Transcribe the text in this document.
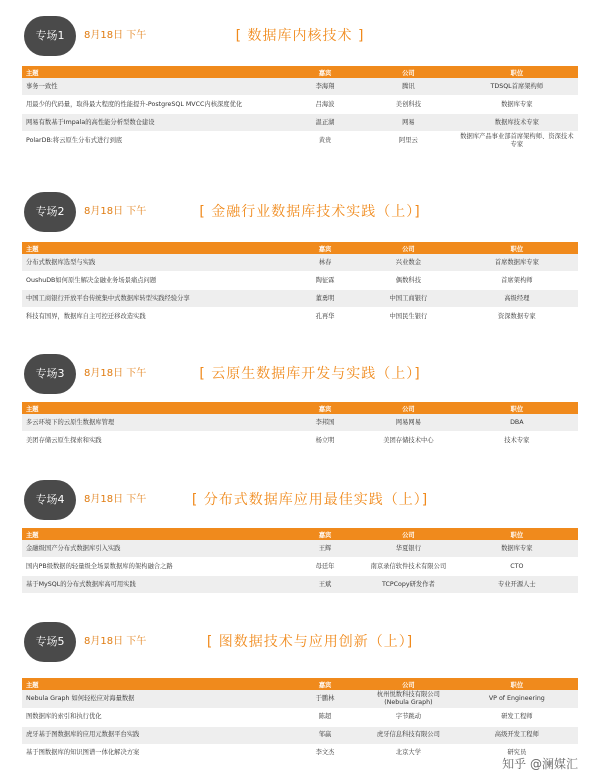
专场1	8月18日 下午	[ 数据库内核技术 ]
主题	嘉宾	公司	职位
事务一致性	李海翔	腾讯	TDSQL首席架构师
用最少的代码量，取得最大程度的性能提升-PostgreSQL MVCC内核深度优化	吕海波	美创科技	数据库专家
网易有数基于Impala的高性能分析型数仓建设	温正湖	网易	数据库技术专家
PolarDB:将云原生分布式进行到底	黄贵	阿里云	数据库产品事业部首席架构师、资深技术专家
专场2	8月18日 下午	[ 金融行业数据库技术实践（上）]
主题	嘉宾	公司	职位
分布式数据库选型与实践	林春	兴业数金	首席数据库专家
OushuDB如何原生解决金融业务场景痛点问题	陶征霖	偶数科技	首席架构师
中国工商银行开放平台传统集中式数据库转型实践经验分享	董勇明	中国工商银行	高级经理
科技有国界，数据库自主可控迁移改造实践	孔再华	中国民生银行	资深数据专家
专场3	8月18日 下午	[ 云原生数据库开发与实践（上）]
主题	嘉宾	公司	职位
多云环境下的云原生数据库管理	李邦国	网易网易	DBA
美团存储云原生探索和实践	杨立明	美团存储技术中心	技术专家
专场4	8月18日 下午	[ 分布式数据库应用最佳实践（上）]
主题	嘉宾	公司	职位
金融级国产分布式数据库引入实践	王辉	华夏银行	数据库专家
国内PB级数据的轻量级全场景数据库的架构融合之路	母廷年	南京录信软件技术有限公司	CTO
基于MySQL的分布式数据库高可用实践	王斌	TCPCopy研发作者	专业开源人士
专场5	8月18日 下午	[ 图数据技术与应用创新（上）]
主题	嘉宾	公司	职位
Nebula Graph 如何轻松应对海量数据	于鹏林	杭州悦数科技有限公司(Nebula Graph)	VP of Engineering
图数据库的索引和执行优化	陈超	字节跳动	研发工程师
虎牙基于图数据库的应用元数据平台实践	邹赢	虎牙信息科技有限公司	高级开发工程师
基于图数据库的知识图谱一体化解决方案	李文杰	北京大学	研究员
知乎 @澜媒汇
